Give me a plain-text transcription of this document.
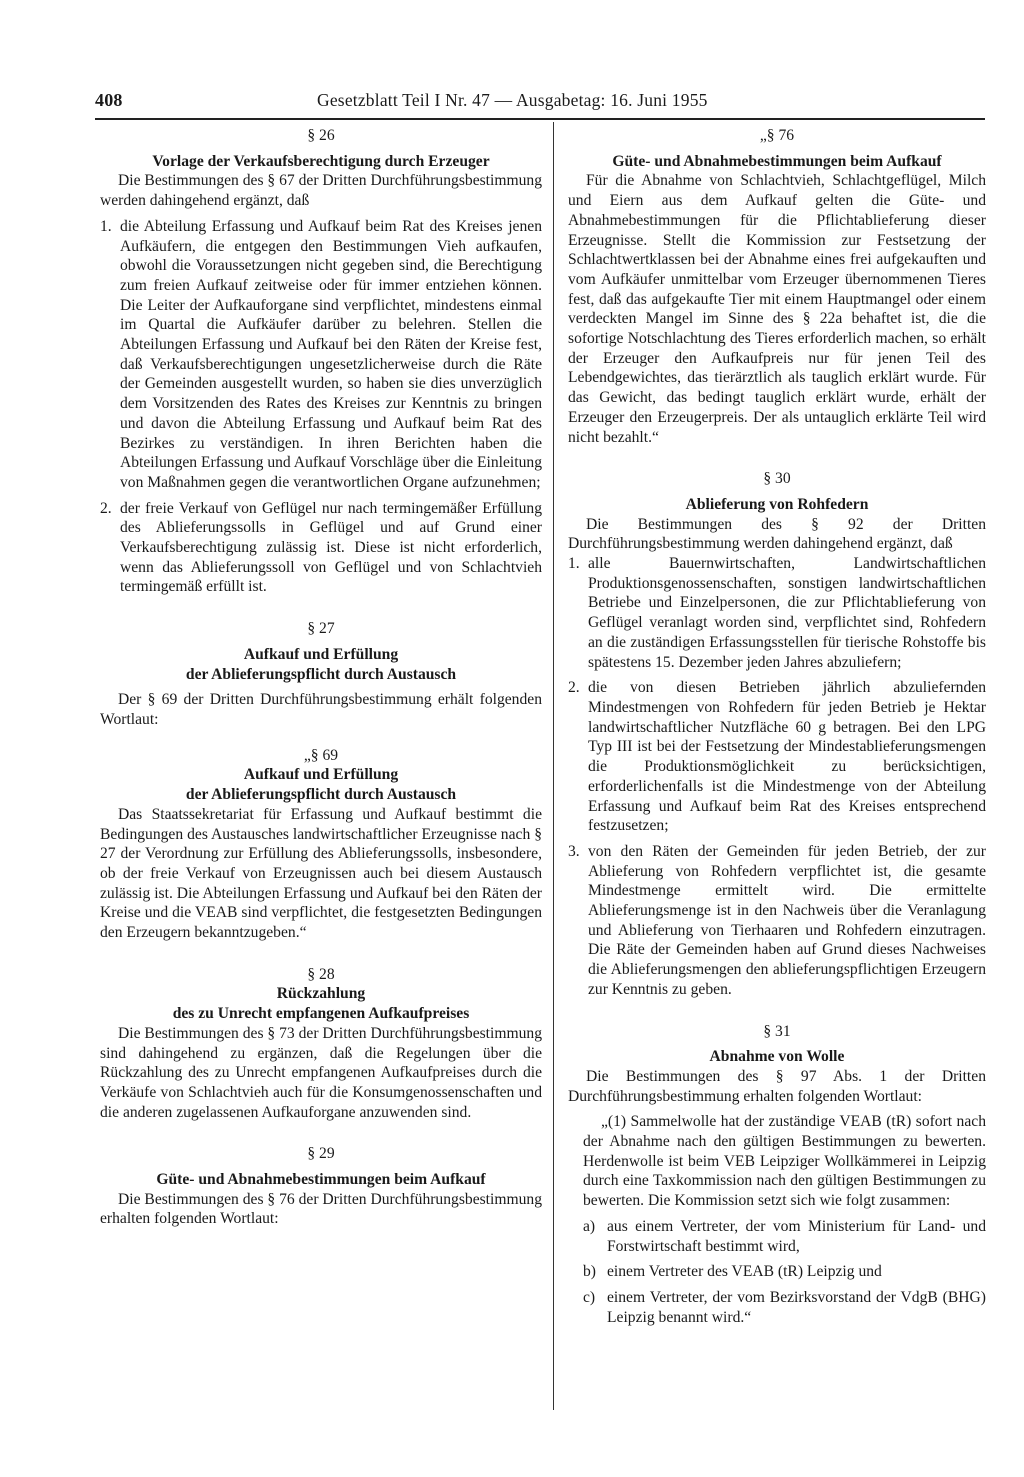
408	Gesetzblatt Teil I Nr. 47 — Ausgabetag: 16. Juni 1955
§ 26
Vorlage der Verkaufsberechtigung durch Erzeuger

Die Bestimmungen des § 67 der Dritten Durchführungsbestimmung werden dahingehend ergänzt, daß

1. die Abteilung Erfassung und Aufkauf beim Rat des Kreises jenen Aufkäufern, die entgegen den Bestimmungen Vieh aufkaufen, obwohl die Voraussetzungen nicht gegeben sind, die Berechtigung zum freien Aufkauf zeitweise oder für immer entziehen können. Die Leiter der Aufkauforgane sind verpflichtet, mindestens einmal im Quartal die Aufkäufer darüber zu belehren. Stellen die Abteilungen Erfassung und Aufkauf bei den Räten der Kreise fest, daß Verkaufsberechtigungen ungesetzlicherweise durch die Räte der Gemeinden ausgestellt wurden, so haben sie dies unverzüglich dem Vorsitzenden des Rates des Kreises zur Kenntnis zu bringen und davon die Abteilung Erfassung und Aufkauf beim Rat des Bezirkes zu verständigen. In ihren Berichten haben die Abteilungen Erfassung und Aufkauf Vorschläge über die Einleitung von Maßnahmen gegen die verantwortlichen Organe aufzunehmen;
2. der freie Verkauf von Geflügel nur nach termingemäßer Erfüllung des Ablieferungssolls in Geflügel und auf Grund einer Verkaufsberechtigung zulässig ist. Diese ist nicht erforderlich, wenn das Ablieferungssoll von Geflügel und von Schlachtvieh termingemäß erfüllt ist.
§ 27
Aufkauf und Erfüllung
der Ablieferungspflicht durch Austausch

Der § 69 der Dritten Durchführungsbestimmung erhält folgenden Wortlaut:

„§ 69
Aufkauf und Erfüllung
der Ablieferungspflicht durch Austausch

Das Staatssekretariat für Erfassung und Aufkauf bestimmt die Bedingungen des Austausches landwirtschaftlicher Erzeugnisse nach § 27 der Verordnung zur Erfüllung des Ablieferungssolls, insbesondere, ob der freie Verkauf von Erzeugnissen auch bei diesem Austausch zulässig ist. Die Abteilungen Erfassung und Aufkauf bei den Räten der Kreise und die VEAB sind verpflichtet, die festgesetzten Bedingungen den Erzeugern bekanntzugeben.“

§ 28
Rückzahlung
des zu Unrecht empfangenen Aufkaufpreises

Die Bestimmungen des § 73 der Dritten Durchführungsbestimmung sind dahingehend zu ergänzen, daß die Regelungen über die Rückzahlung des zu Unrecht empfangenen Aufkaufpreises durch die Verkäufe von Schlachtvieh auch für die Konsumgenossenschaften und die anderen zugelassenen Aufkauforgane anzuwenden sind.

§ 29
Güte- und Abnahmebestimmungen beim Aufkauf

Die Bestimmungen des § 76 der Dritten Durchführungsbestimmung erhalten folgenden Wortlaut:

„§ 76
Güte- und Abnahmebestimmungen beim Aufkauf

Für die Abnahme von Schlachtvieh, Schlachtgeflügel, Milch und Eiern aus dem Aufkauf gelten die Güte- und Abnahmebestimmungen für die Pflichtablieferung dieser Erzeugnisse. Stellt die Kommission zur Festsetzung der Schlachtwertklassen bei der Abnahme eines frei aufgekauften und vom Aufkäufer unmittelbar vom Erzeuger übernommenen Tieres fest, daß das aufgekaufte Tier mit einem Hauptmangel oder einem verdeckten Mangel im Sinne des § 22a behaftet ist, die die sofortige Notschlachtung des Tieres erforderlich machen, so erhält der Erzeuger den Aufkaufpreis nur für jenen Teil des Lebendgewichtes, das tierärztlich als tauglich erklärt wurde. Für das Gewicht, das bedingt tauglich erklärt wurde, erhält der Erzeuger den Erzeugerpreis. Der als untauglich erklärte Teil wird nicht bezahlt.“

§ 30
Ablieferung von Rohfedern

Die Bestimmungen des § 92 der Dritten Durchführungsbestimmung werden dahingehend ergänzt, daß

1. alle Bauernwirtschaften, Landwirtschaftlichen Produktionsgenossenschaften, sonstigen landwirtschaftlichen Betriebe und Einzelpersonen, die zur Pflichtablieferung von Geflügel veranlagt worden sind, verpflichtet sind, Rohfedern an die zuständigen Erfassungsstellen für tierische Rohstoffe bis spätestens 15. Dezember jeden Jahres abzuliefern;
2. die von diesen Betrieben jährlich abzuliefernden Mindestmengen von Rohfedern für jeden Betrieb je Hektar landwirtschaftlicher Nutzfläche 60 g betragen. Bei den LPG Typ III ist bei der Festsetzung der Mindestablieferungsmengen die Produktionsmöglichkeit zu berücksichtigen, erforderlichenfalls ist die Mindestmenge von der Abteilung Erfassung und Aufkauf beim Rat des Kreises entsprechend festzusetzen;
3. von den Räten der Gemeinden für jeden Betrieb, der zur Ablieferung von Rohfedern verpflichtet ist, die gesamte Mindestmenge ermittelt wird. Die ermittelte Ablieferungsmenge ist in den Nachweis über die Veranlagung und Ablieferung von Tierhaaren und Rohfedern einzutragen. Die Räte der Gemeinden haben auf Grund dieses Nachweises die Ablieferungsmengen den ablieferungspflichtigen Erzeugern zur Kenntnis zu geben.
§ 31
Abnahme von Wolle

Die Bestimmungen des § 97 Abs. 1 der Dritten Durchführungsbestimmung erhalten folgenden Wortlaut:

„(1) Sammelwolle hat der zuständige VEAB (tR) sofort nach der Abnahme nach den gültigen Bestimmungen zu bewerten. Herdenwolle ist beim VEB Leipziger Wollkämmerei in Leipzig durch eine Taxkommission nach den gültigen Bestimmungen zu bewerten. Die Kommission setzt sich wie folgt zusammen:

a) aus einem Vertreter, der vom Ministerium für Land- und Forstwirtschaft bestimmt wird,
b) einem Vertreter des VEAB (tR) Leipzig und
c) einem Vertreter, der vom Bezirksvorstand der VdgB (BHG) Leipzig benannt wird.“
